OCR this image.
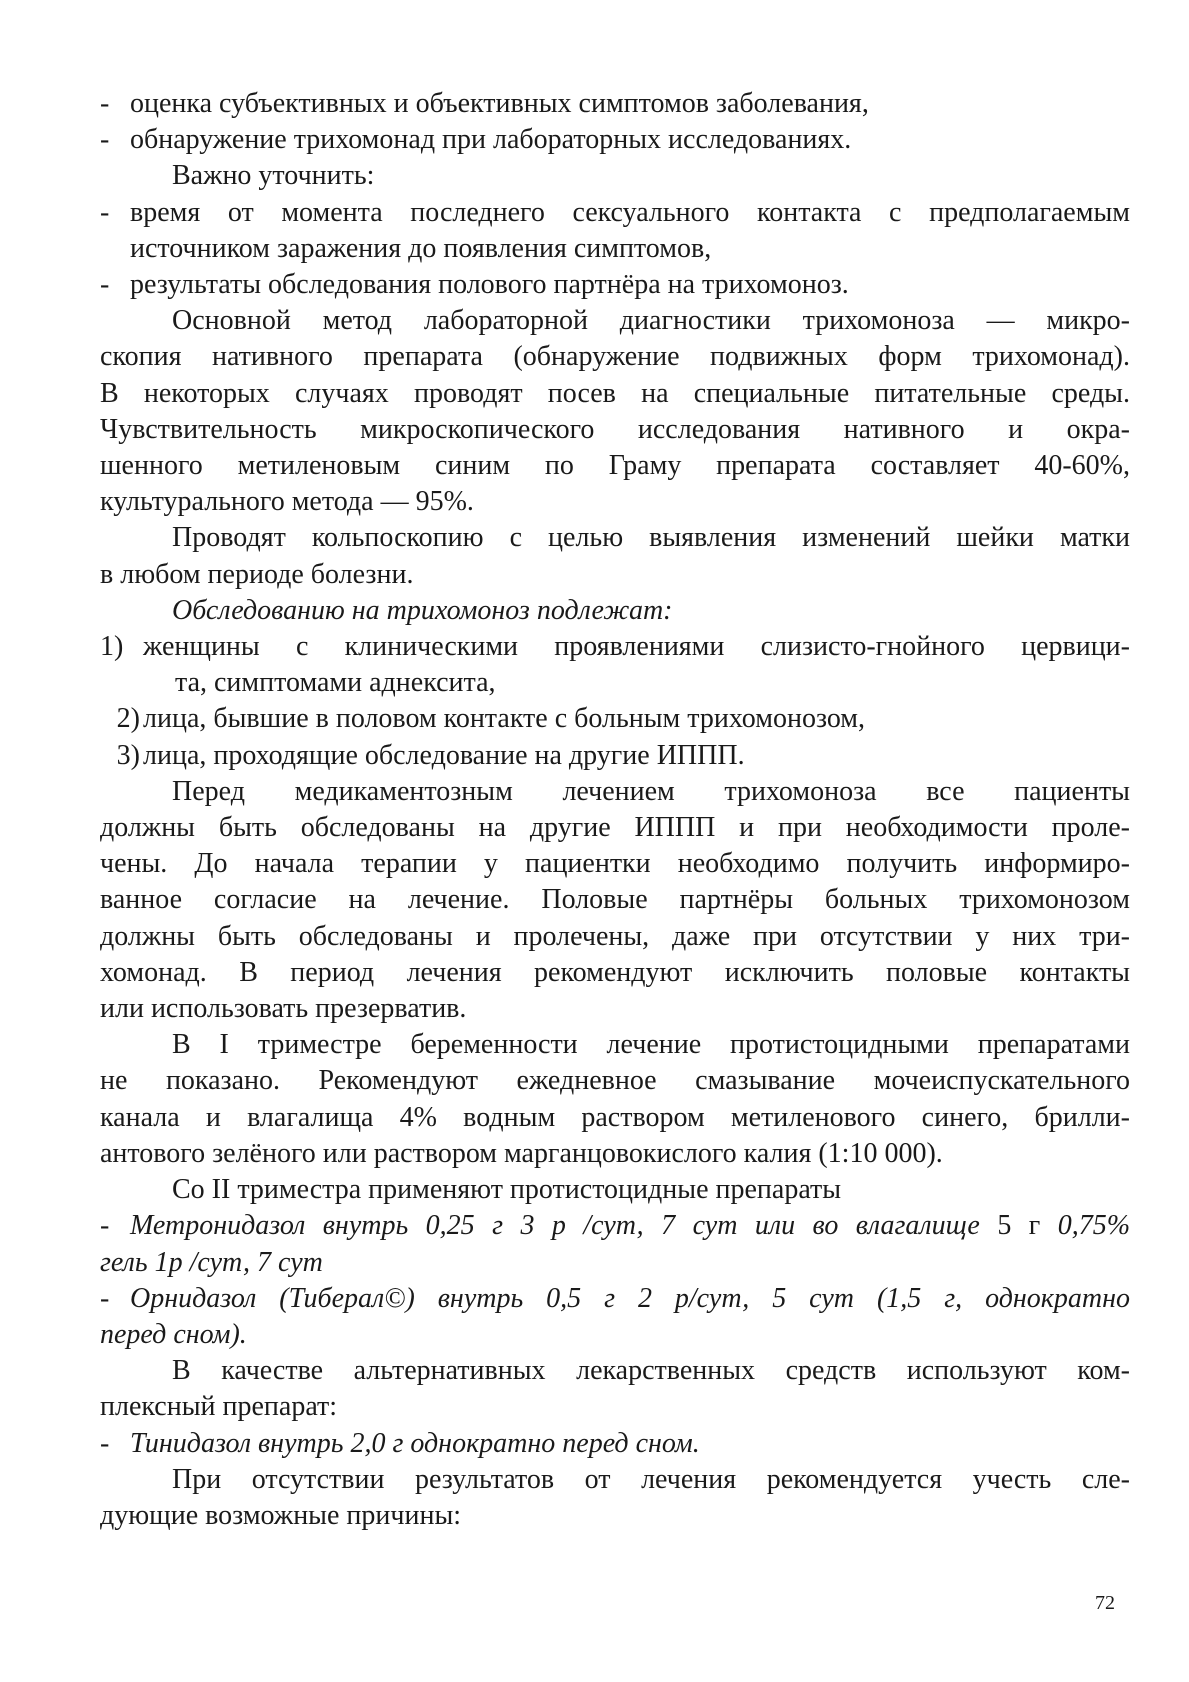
- оценка субъективных и объективных симптомов заболевания,
- обнаружение трихомонад при лабораторных исследованиях.
Важно уточнить:
- время от момента последнего сексуального контакта с предполагаемым
источником заражения до появления симптомов,
- результаты обследования полового партнёра на трихомоноз.
Основной метод лабораторной диагностики трихомоноза — микро-
скопия нативного препарата (обнаружение подвижных форм трихомонад).
В некоторых случаях проводят посев на специальные питательные среды.
Чувствительность микроскопического исследования нативного и окра-
шенного метиленовым синим по Граму препарата составляет 40-60%,
культурального метода — 95%.
Проводят кольпоскопию с целью выявления изменений шейки матки
в любом периоде болезни.
Обследованию на трихомоноз подлежат:
1) женщины с клиническими проявлениями слизисто-гнойного цервици-
та, симптомами аднексита,
2) лица, бывшие в половом контакте с больным трихомонозом,
3) лица, проходящие обследование на другие ИППП.
Перед медикаментозным лечением трихомоноза все пациенты
должны быть обследованы на другие ИППП и при необходимости проле-
чены. До начала терапии у пациентки необходимо получить информиро-
ванное согласие на лечение. Половые партнёры больных трихомонозом
должны быть обследованы и пролечены, даже при отсутствии у них три-
хомонад. В период лечения рекомендуют исключить половые контакты
или использовать презерватив.
В I триместре беременности лечение протистоцидными препаратами
не показано. Рекомендуют ежедневное смазывание мочеиспускательного
канала и влагалища 4% водным раствором метиленового синего, брилли-
антового зелёного или раствором марганцовокислого калия (1:10 000).
Со II триместра применяют протистоцидные препараты
- Метронидазол внутрь 0,25 г 3 р /сут, 7 сут или во влагалище 5 г 0,75%
гель 1р /сут, 7 сут
- Орнидазол (Тиберал©) внутрь 0,5 г 2 р/сут, 5 сут (1,5 г, однократно
перед сном).
В качестве альтернативных лекарственных средств используют ком-
плексный препарат:
- Тинидазол внутрь 2,0 г однократно перед сном.
При отсутствии результатов от лечения рекомендуется учесть сле-
дующие возможные причины:
72
